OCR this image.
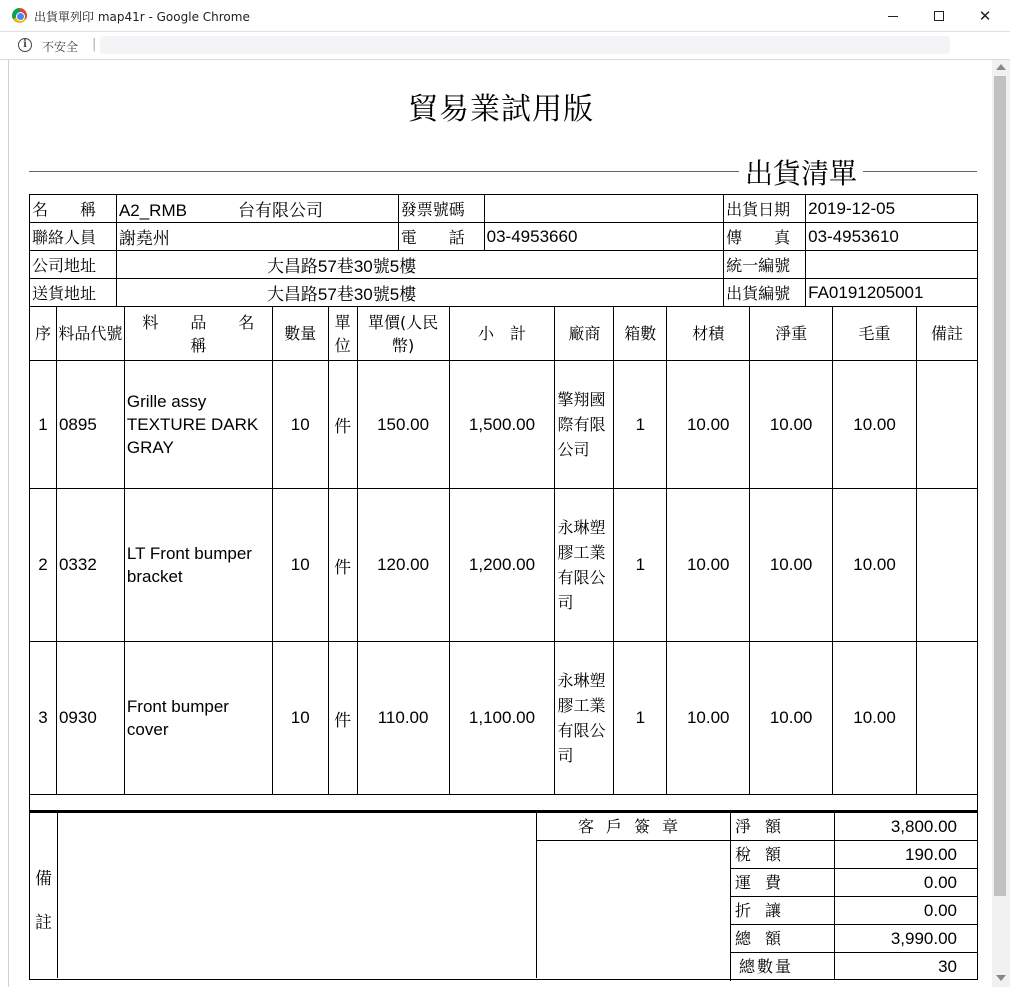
出貨單列印 map41r - Google Chrome	✕
i	不安全 |
貿易業試用版
出貨清單
名　　稱	A2_RMB　　　台有限公司	發票號碼		出貨日期	2019-12-05
聯絡人員	謝堯州	電　　話	03-4953660	傳　　真	03-4953610
公司地址	大昌路57巷30號5樓			統一編號	
送貨地址	大昌路57巷30號5樓			出貨編號	FA0191205001
序	料品代號	料　　品　　名　　稱	數量	單位	單價(人民幣)	小　計	廠商	箱數	材積	淨重	毛重	備註
1	0895	Grille assy TEXTURE DARK GRAY	10	件	150.00	1,500.00	擎翔國際有限公司	1	10.00	10.00	10.00	
2	0332	LT Front bumper bracket	10	件	120.00	1,200.00	永琳塑膠工業有限公司	1	10.00	10.00	10.00	
3	0930	Front bumper cover	10	件	110.00	1,100.00	永琳塑膠工業有限公司	1	10.00	10.00	10.00	
備註
客戶簽章	淨額	3,800.00
稅額	190.00
運費	0.00
折讓	0.00
總額	3,990.00
總數量	30
